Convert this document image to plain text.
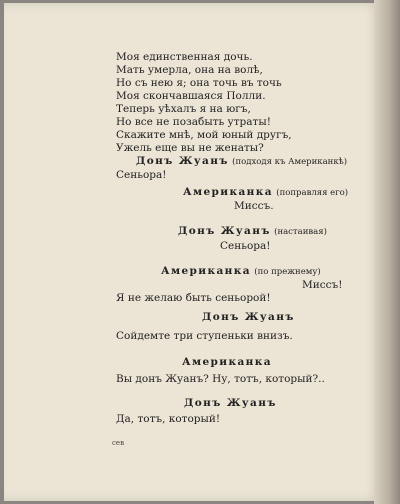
Моя единственная дочь.
Мать умерла, она на волѣ,
Но съ нею я; она точь въ точь
Моя скончавшаяся Полли.
Теперь уѣхалъ я на югъ,
Но все не позабыть утраты!
Скажите мнѣ, мой юный другъ,
Ужель еще вы не женаты?
Донъ Жуанъ (подходя къ Американкѣ)
Сеньора!
Американка (поправляя его)
Миссъ.
Донъ Жуанъ (настаивая)
Сеньора!
Американка (по прежнему)
Миссъ!
Я не желаю быть сеньорой!
Донъ Жуанъ
Сойдемте три ступеньки внизъ.
Американка
Вы донъ Жуанъ? Ну, тотъ, который?..
Донъ Жуанъ
Да, тотъ, который!
сев
